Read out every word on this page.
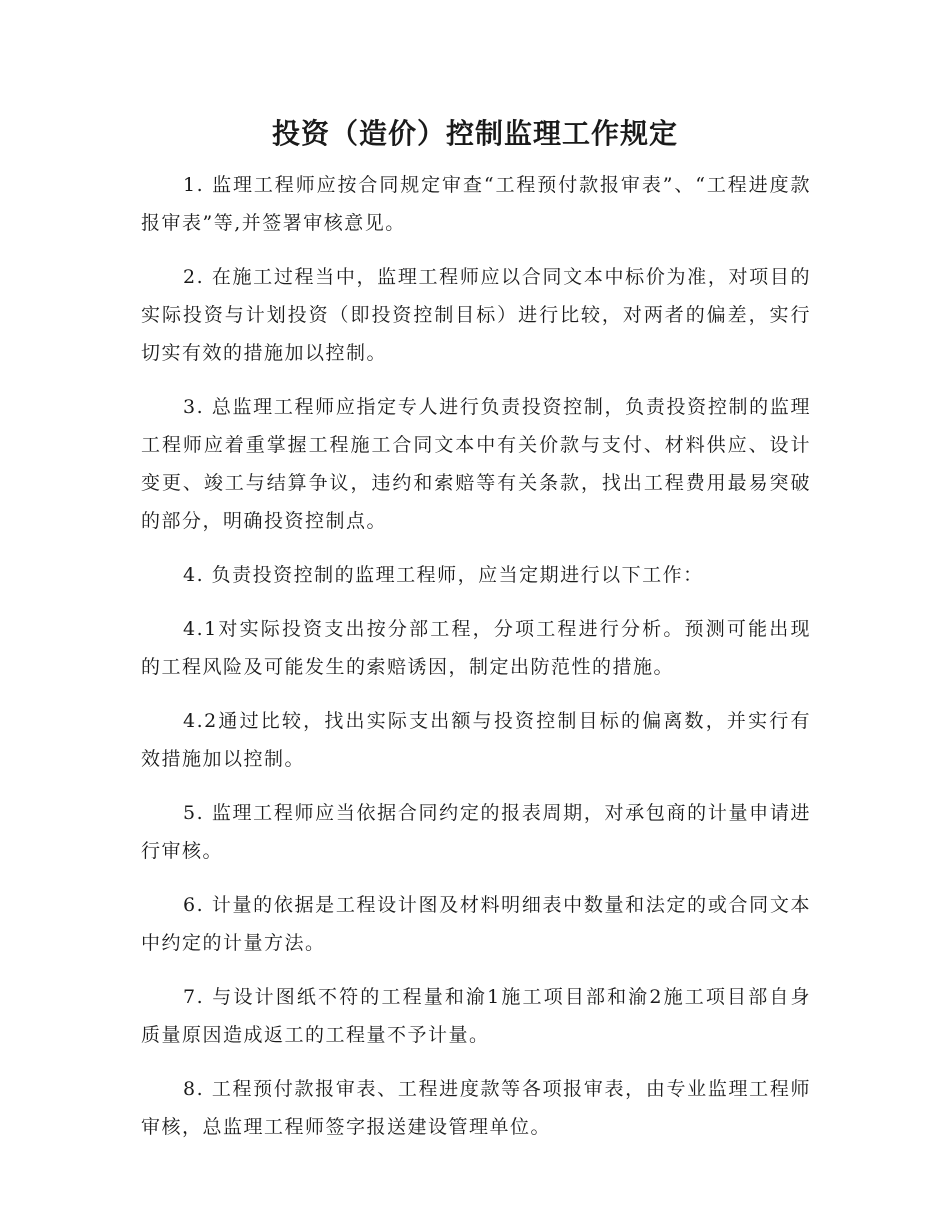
投资（造价）控制监理工作规定

1. 监理工程师应按合同规定审查“工程预付款报审表”、“工程进度款报审表”等,并签署审核意见。

2. 在施工过程当中，监理工程师应以合同文本中标价为准，对项目的实际投资与计划投资（即投资控制目标）进行比较，对两者的偏差，实行切实有效的措施加以控制。

3. 总监理工程师应指定专人进行负责投资控制，负责投资控制的监理工程师应着重掌握工程施工合同文本中有关价款与支付、材料供应、设计变更、竣工与结算争议，违约和索赔等有关条款，找出工程费用最易突破的部分，明确投资控制点。

4. 负责投资控制的监理工程师，应当定期进行以下工作：

4.1对实际投资支出按分部工程，分项工程进行分析。预测可能出现的工程风险及可能发生的索赔诱因，制定出防范性的措施。

4.2通过比较，找出实际支出额与投资控制目标的偏离数，并实行有效措施加以控制。

5. 监理工程师应当依据合同约定的报表周期，对承包商的计量申请进行审核。

6. 计量的依据是工程设计图及材料明细表中数量和法定的或合同文本中约定的计量方法。

7. 与设计图纸不符的工程量和渝1施工项目部和渝2施工项目部自身质量原因造成返工的工程量不予计量。

8. 工程预付款报审表、工程进度款等各项报审表，由专业监理工程师审核，总监理工程师签字报送建设管理单位。
